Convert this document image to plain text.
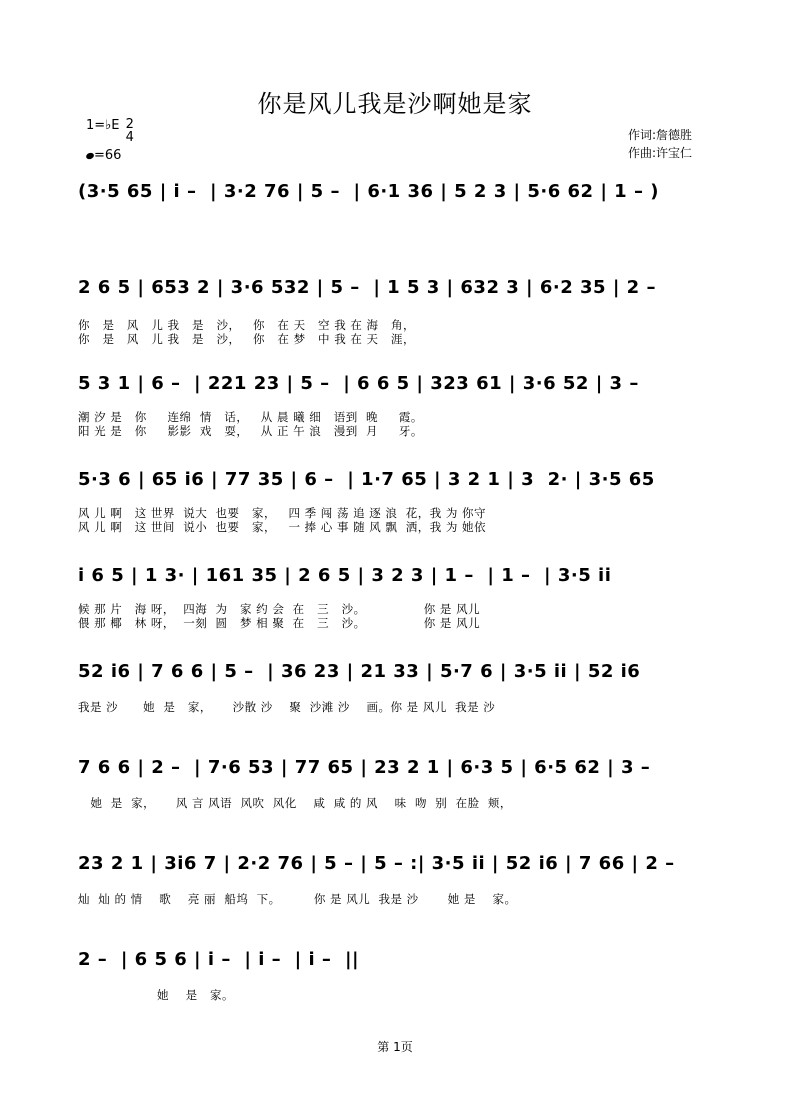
你是风儿我是沙啊她是家
1=♭E 2
4
=66
作词:詹德胜
作曲:许宝仁
(3·5 65 | i –  | 3·2 76 | 5 –  | 6·1 36 | 5 2 3 | 5·6 62 | 1 – )
2 6 5 | 653 2 | 3·6 532 | 5 –  | 1 5 3 | 632 3 | 6·2 35 | 2 –
你   是   风   儿 我   是   沙，   你   在 天   空 我 在 海   角，
你   是   风   儿 我   是   沙，   你   在 梦   中 我 在 天   涯，
5 3 1 | 6 –  | 221 23 | 5 –  | 6 6 5 | 323 61 | 3·6 52 | 3 –
潮 汐 是   你     连绵  情   话，   从 晨 曦 细   语到  晚     霞。
阳 光 是   你     影影  戏   耍，   从 正 午 浪   漫到  月     牙。
5·3 6 | 65 i6 | 77 35 | 6 –  | 1·7 65 | 3 2 1 | 3  2· | 3·5 65
风 儿 啊   这 世界  说大  也要   家，   四 季 闯 荡 追 逐 浪  花，我 为 你守
风 儿 啊   这 世间  说小  也要   家，   一 捧 心 事 随 风 飘  洒，我 为 她依
i 6 5 | 1 3· | 161 35 | 2 6 5 | 3 2 3 | 1 –  | 1 –  | 3·5 ii
候 那 片   海 呀，  四海  为   家 约 会  在   三   沙。              你 是 风儿
偎 那 椰   林 呀，  一刻  圆   梦 相 聚  在   三   沙。              你 是 风儿
52 i6 | 7 6 6 | 5 –  | 36 23 | 21 33 | 5·7 6 | 3·5 ii | 52 i6
我是 沙      她  是   家，     沙散 沙    聚  沙滩 沙    画。你 是 风儿  我是 沙
7 6 6 | 2 –  | 7·6 53 | 77 65 | 23 2 1 | 6·3 5 | 6·5 62 | 3 –
她  是  家，     风 言 风语  风吹  风化    咸  咸 的 风    味  吻  别  在脸  颊，
23 2 1 | 3i6 7 | 2·2 76 | 5 – | 5 – :| 3·5 ii | 52 i6 | 7 66 | 2 –
灿  灿 的 情    歌    亮 丽  船坞  下。        你 是 风儿  我是 沙       她 是    家。
2 –  | 6 5 6 | i –  | i –  | i –  ||
她    是   家。
第 1页
